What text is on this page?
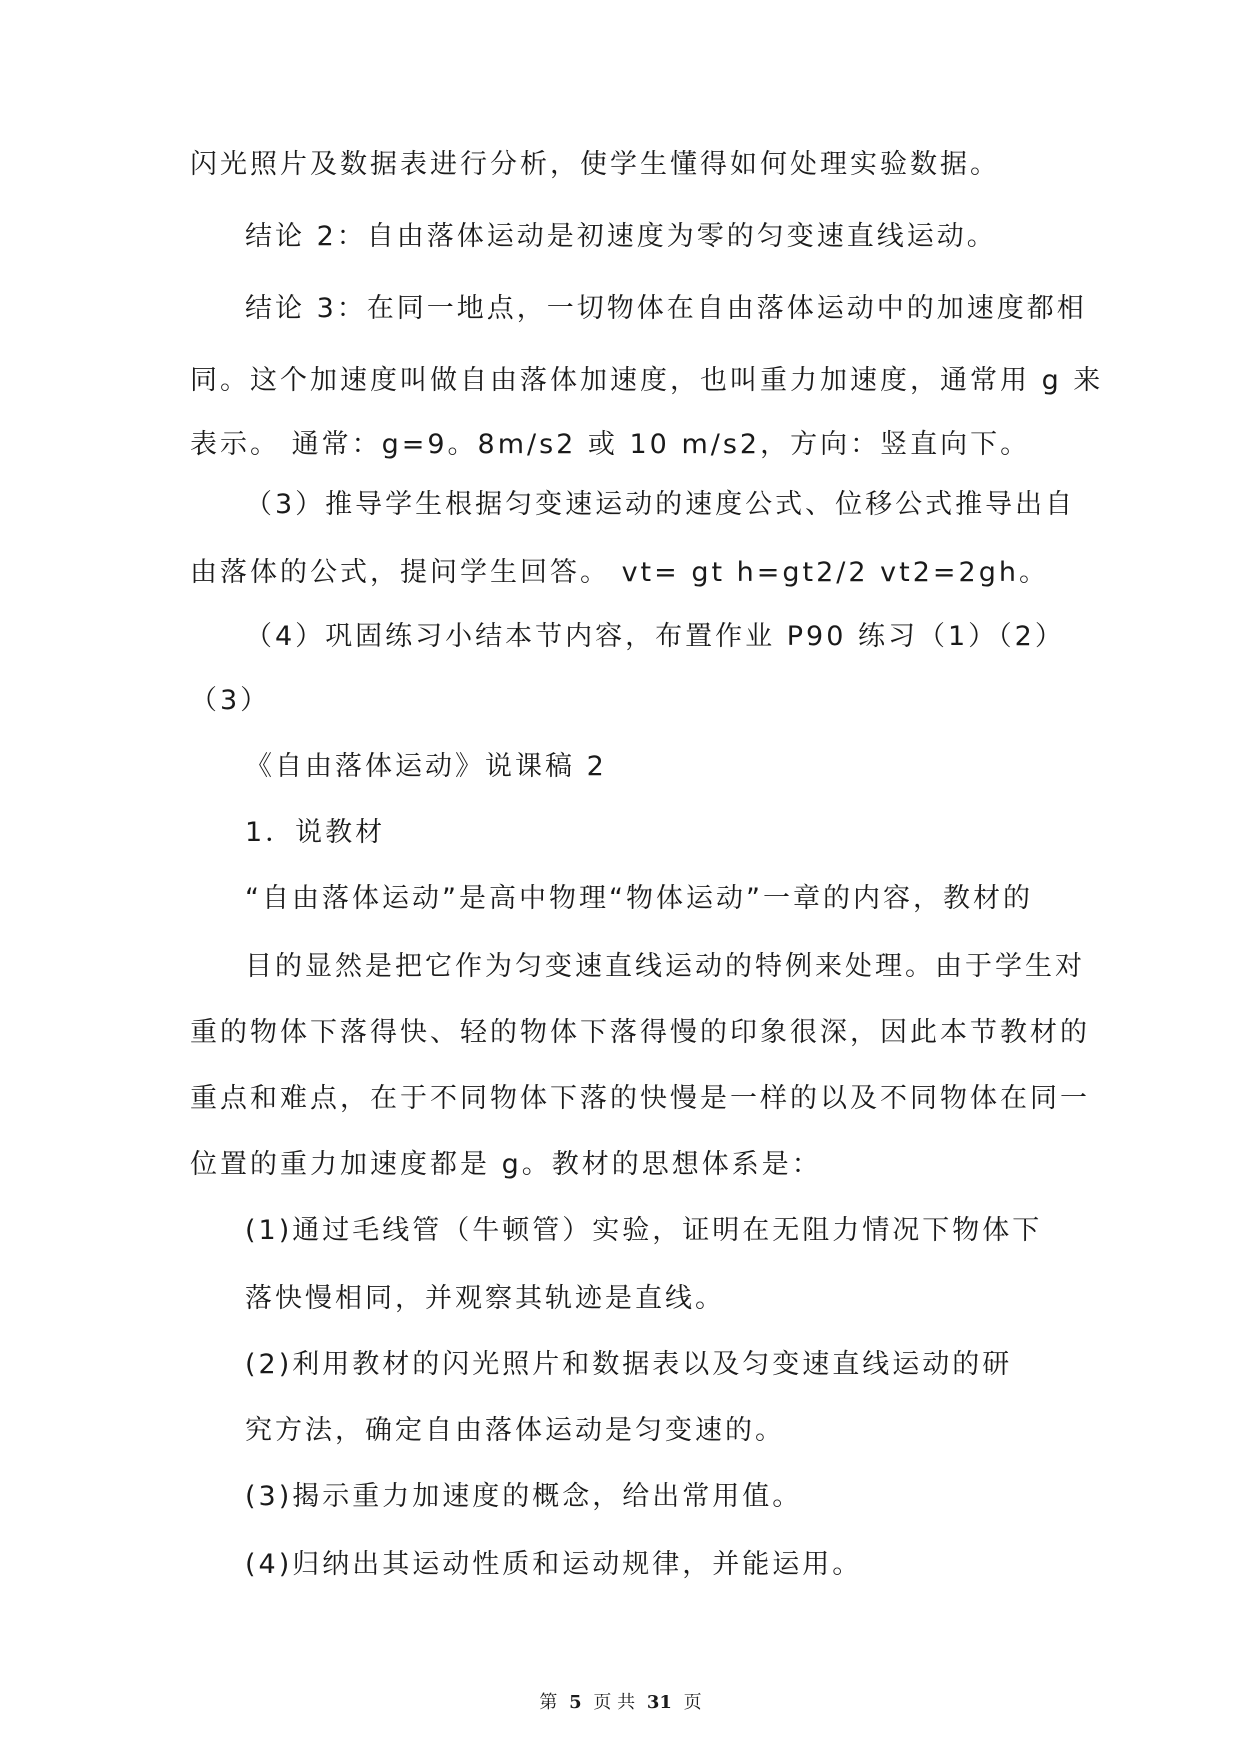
闪光照片及数据表进行分析，使学生懂得如何处理实验数据。
结论 2：自由落体运动是初速度为零的匀变速直线运动。
结论 3：在同一地点，一切物体在自由落体运动中的加速度都相
同。这个加速度叫做自由落体加速度，也叫重力加速度，通常用 g 来
表示。 通常：g=9。8m/s2 或 10 m/s2，方向：竖直向下。
（3）推导学生根据匀变速运动的速度公式、位移公式推导出自
由落体的公式，提问学生回答。 vt= gt h=gt2/2 vt2=2gh。
（4）巩固练习小结本节内容，布置作业 P90 练习（1）（2）
（3）
《自由落体运动》说课稿 2
1．说教材
“自由落体运动”是高中物理“物体运动”一章的内容，教材的
目的显然是把它作为匀变速直线运动的特例来处理。由于学生对
重的物体下落得快、轻的物体下落得慢的印象很深，因此本节教材的
重点和难点，在于不同物体下落的快慢是一样的以及不同物体在同一
位置的重力加速度都是 g。教材的思想体系是：
(1)通过毛线管（牛顿管）实验，证明在无阻力情况下物体下
落快慢相同，并观察其轨迹是直线。
(2)利用教材的闪光照片和数据表以及匀变速直线运动的研
究方法，确定自由落体运动是匀变速的。
(3)揭示重力加速度的概念，给出常用值。
(4)归纳出其运动性质和运动规律，并能运用。
第 5 页 共 31 页
